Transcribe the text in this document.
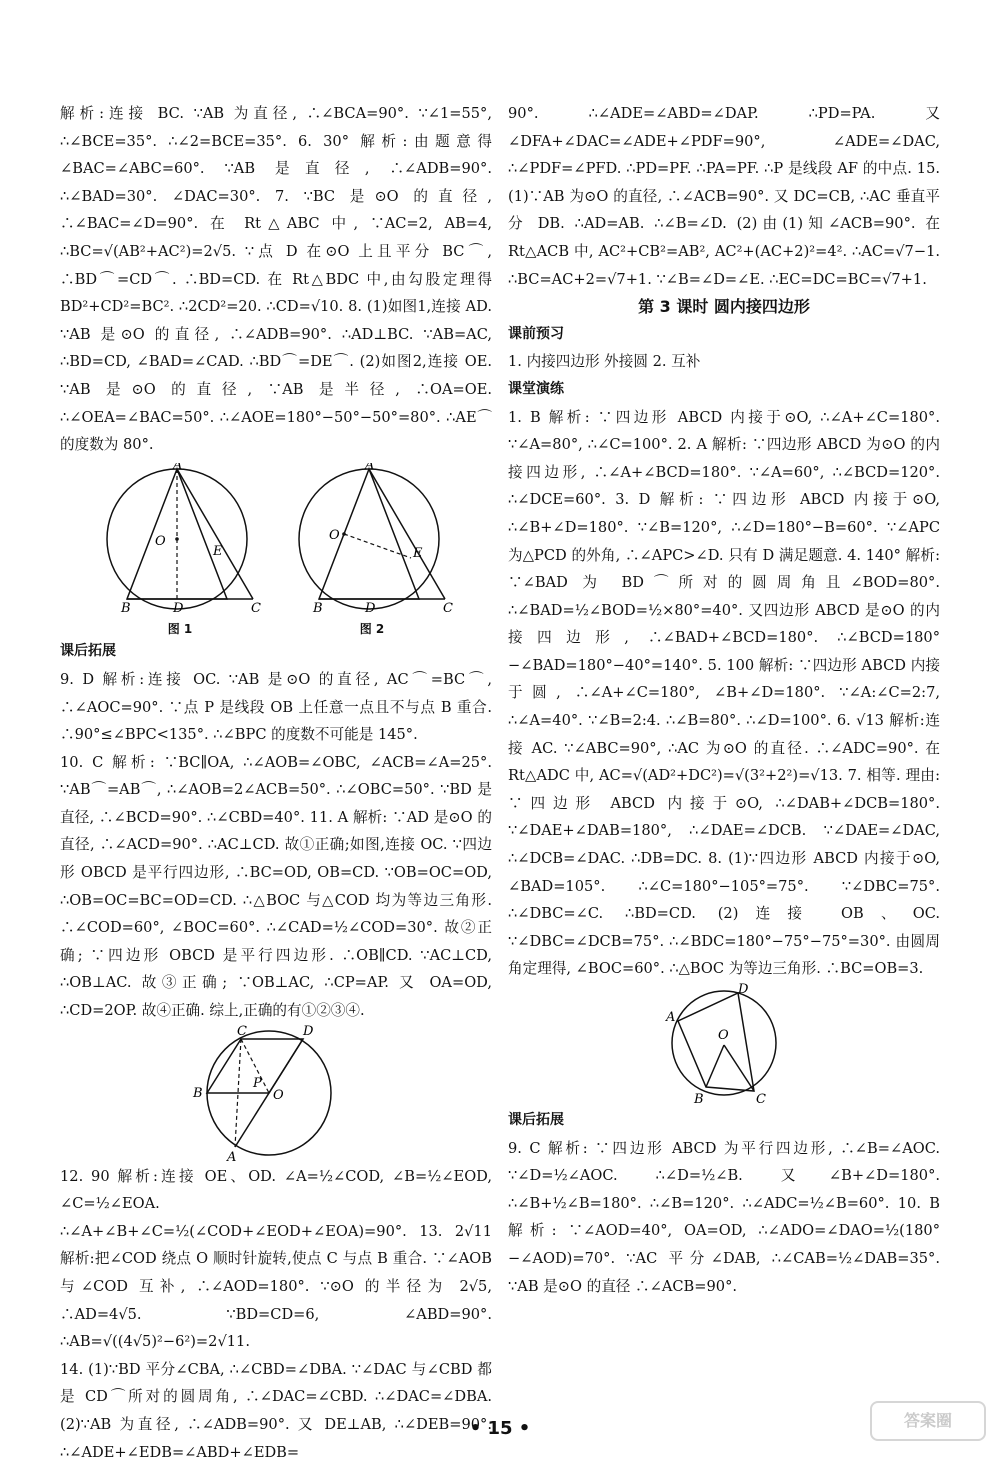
解析:连接 BC. ∵AB 为直径, ∴∠BCA=90°. ∵∠1=55°, ∴∠BCE=35°. ∴∠2=BCE=35°. 6. 30° 解析:由题意得∠BAC=∠ABC=60°. ∵AB 是直径, ∴∠ADB=90°. ∴∠BAD=30°. ∠DAC=30°. 7. ∵BC 是⊙O 的直径, ∴∠BAC=∠D=90°. 在 Rt△ABC 中, ∵AC=2, AB=4, ∴BC=√(AB²+AC²)=2√5. ∵点 D 在⊙O 上且平分 BC⌒, ∴BD⌒=CD⌒. ∴BD=CD. 在 Rt△BDC 中,由勾股定理得 BD²+CD²=BC². ∴2CD²=20. ∴CD=√10. 8. (1)如图1,连接 AD. ∵AB 是⊙O 的直径, ∴∠ADB=90°. ∴AD⊥BC. ∵AB=AC, ∴BD=CD, ∠BAD=∠CAD. ∴BD⌒=DE⌒. (2)如图2,连接 OE. ∵AB 是⊙O 的直径, ∵AB 是半径, ∴OA=OE. ∴∠OEA=∠BAC=50°. ∴∠AOE=180°−50°−50°=80°. ∴AE⌒的度数为 80°.

A
O
E
B	D	C
图 1
A
O
E
B	D	C
图 2

课后拓展

9. D 解析:连接 OC. ∵AB 是⊙O 的直径, AC⌒=BC⌒, ∴∠AOC=90°. ∵点 P 是线段 OB 上任意一点且不与点 B 重合. ∴90°≤∠BPC<135°. ∴∠BPC 的度数不可能是 145°.

10. C 解析: ∵BC∥OA, ∴∠AOB=∠OBC, ∠ACB=∠A=25°. ∵AB⌒=AB⌒, ∴∠AOB=2∠ACB=50°. ∴∠OBC=50°. ∵BD 是直径, ∴∠BCD=90°. ∴∠CBD=40°. 11. A 解析: ∵AD 是⊙O 的直径, ∴∠ACD=90°. ∴AC⊥CD. 故①正确;如图,连接 OC. ∵四边形 OBCD 是平行四边形, ∴BC=OD, OB=CD. ∵OB=OC=OD, ∴OB=OC=BC=OD=CD. ∴△BOC 与△COD 均为等边三角形. ∴∠COD=60°, ∠BOC=60°. ∴∠CAD=½∠COD=30°. 故②正确; ∵四边形 OBCD 是平行四边形. ∴OB∥CD. ∵AC⊥CD, ∴OB⊥AC. 故③正确; ∵OB⊥AC, ∴CP=AP. 又 OA=OD, ∴CD=2OP. 故④正确. 综上,正确的有①②③④.

C	D
B
P
O
A

12. 90 解析:连接 OE、OD. ∠A=½∠COD, ∠B=½∠EOD, ∠C=½∠EOA. ∴∠A+∠B+∠C=½(∠COD+∠EOD+∠EOA)=90°. 13. 2√11 解析:把∠COD 绕点 O 顺时针旋转,使点 C 与点 B 重合. ∵∠AOB 与∠COD 互补, ∴∠AOD=180°. ∵⊙O 的半径为 2√5, ∴AD=4√5. ∵BD=CD=6, ∠ABD=90°. ∴AB=√((4√5)²−6²)=2√11.

14. (1)∵BD 平分∠CBA, ∴∠CBD=∠DBA. ∵∠DAC 与∠CBD 都是 CD⌒所对的圆周角, ∴∠DAC=∠CBD. ∴∠DAC=∠DBA. (2)∵AB 为直径, ∴∠ADB=90°. 又 DE⊥AB, ∴∠DEB=90°. ∴∠ADE+∠EDB=∠ABD+∠EDB=

90°. ∴∠ADE=∠ABD=∠DAP. ∴PD=PA. 又∠DFA+∠DAC=∠ADE+∠PDF=90°, ∠ADE=∠DAC, ∴∠PDF=∠PFD. ∴PD=PF. ∴PA=PF. ∴P 是线段 AF 的中点. 15. (1)∵AB 为⊙O 的直径, ∴∠ACB=90°. 又 DC=CB, ∴AC 垂直平分 DB. ∴AD=AB. ∴∠B=∠D. (2)由(1)知∠ACB=90°. 在 Rt△ACB 中, AC²+CB²=AB², AC²+(AC+2)²=4². ∴AC=√7−1. ∴BC=AC+2=√7+1. ∵∠B=∠D=∠E. ∴EC=DC=BC=√7+1.

第 3 课时 圆内接四边形

课前预习

1. 内接四边形 外接圆 2. 互补

课堂演练

1. B 解析: ∵四边形 ABCD 内接于⊙O, ∴∠A+∠C=180°. ∵∠A=80°, ∴∠C=100°. 2. A 解析: ∵四边形 ABCD 为⊙O 的内接四边形, ∴∠A+∠BCD=180°. ∵∠A=60°, ∴∠BCD=120°. ∴∠DCE=60°. 3. D 解析: ∵四边形 ABCD 内接于⊙O, ∴∠B+∠D=180°. ∵∠B=120°, ∴∠D=180°−B=60°. ∵∠APC 为△PCD 的外角, ∴∠APC>∠D. 只有 D 满足题意. 4. 140° 解析: ∵∠BAD 为 BD⌒所对的圆周角且∠BOD=80°. ∴∠BAD=½∠BOD=½×80°=40°. 又四边形 ABCD 是⊙O 的内接四边形, ∴∠BAD+∠BCD=180°. ∴∠BCD=180°−∠BAD=180°−40°=140°. 5. 100 解析: ∵四边形 ABCD 内接于圆, ∴∠A+∠C=180°, ∠B+∠D=180°. ∵∠A:∠C=2:7, ∴∠A=40°. ∵∠B=2:4. ∴∠B=80°. ∴∠D=100°. 6. √13 解析:连接 AC. ∵∠ABC=90°, ∴AC 为⊙O 的直径. ∴∠ADC=90°. 在 Rt△ADC 中, AC=√(AD²+DC²)=√(3²+2²)=√13. 7. 相等. 理由: ∵四边形 ABCD 内接于⊙O, ∴∠DAB+∠DCB=180°. ∵∠DAE+∠DAB=180°, ∴∠DAE=∠DCB. ∵∠DAE=∠DAC, ∴∠DCB=∠DAC. ∴DB=DC. 8. (1)∵四边形 ABCD 内接于⊙O, ∠BAD=105°. ∴∠C=180°−105°=75°. ∵∠DBC=75°. ∴∠DBC=∠C. ∴BD=CD. (2)连接 OB、OC. ∵∠DBC=∠DCB=75°. ∴∠BDC=180°−75°−75°=30°. 由圆周角定理得, ∠BOC=60°. ∴△BOC 为等边三角形. ∴BC=OB=3.

A
D
O
B	C

课后拓展

9. C 解析: ∵四边形 ABCD 为平行四边形, ∴∠B=∠AOC. ∵∠D=½∠AOC. ∴∠D=½∠B. 又∠B+∠D=180°. ∴∠B+½∠B=180°. ∴∠B=120°. ∴∠ADC=½∠B=60°. 10. B 解析: ∵∠AOD=40°, OA=OD, ∴∠ADO=∠DAO=½(180°−∠AOD)=70°. ∵AC 平分∠DAB, ∴∠CAB=½∠DAB=35°. ∵AB 是⊙O 的直径 ∴∠ACB=90°.

• 15 •	答案圈
